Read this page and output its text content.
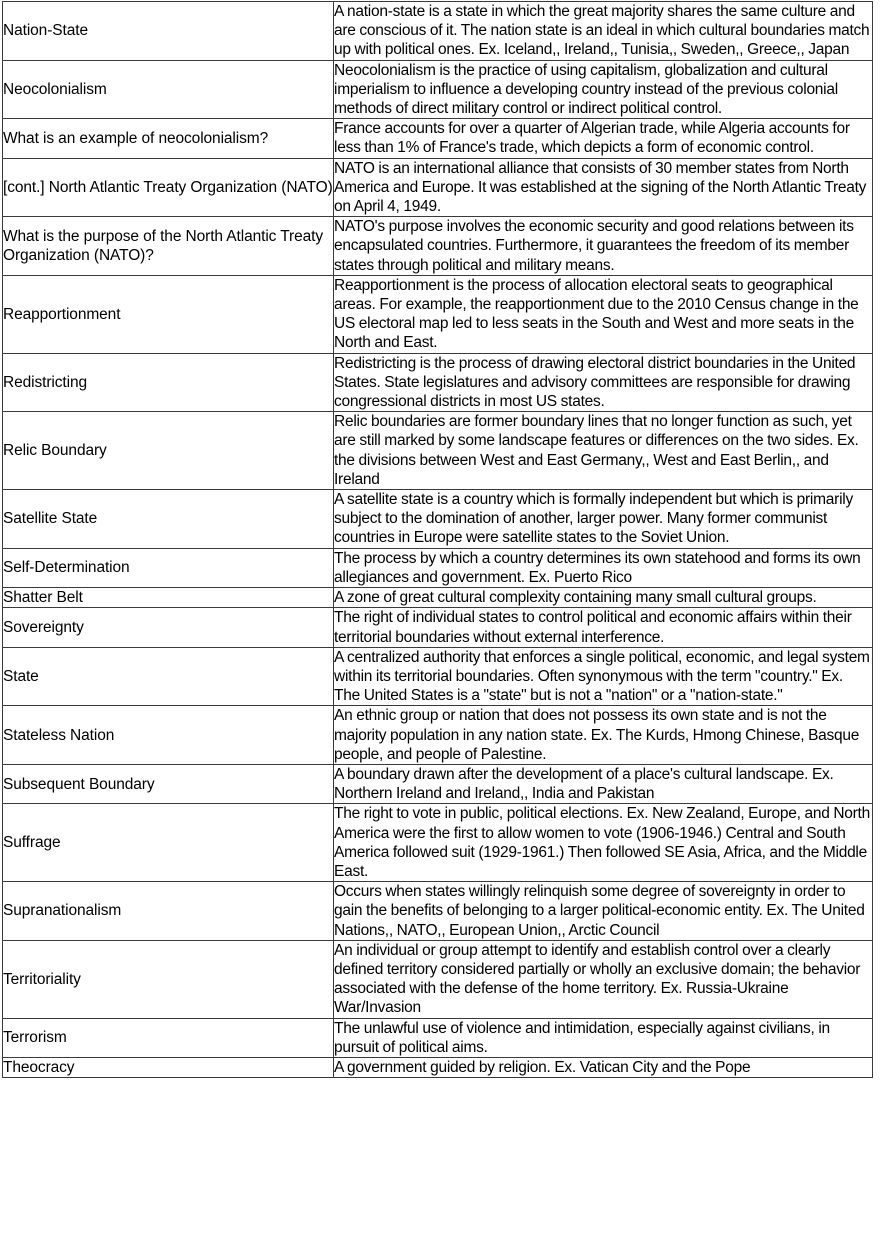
Nation-State	A nation-state is a state in which the great majority shares the same culture and are conscious of it. The nation state is an ideal in which cultural boundaries match up with political ones. Ex. Iceland,, Ireland,, Tunisia,, Sweden,, Greece,, Japan

Neocolonialism	Neocolonialism is the practice of using capitalism, globalization and cultural imperialism to influence a developing country instead of the previous colonial methods of direct military control or indirect political control.

What is an example of neocolonialism?	France accounts for over a quarter of Algerian trade, while Algeria accounts for less than 1% of France's trade, which depicts a form of economic control.

[cont.] North Atlantic Treaty Organization (NATO)	NATO is an international alliance that consists of 30 member states from North America and Europe. It was established at the signing of the North Atlantic Treaty on April 4, 1949.

What is the purpose of the North Atlantic Treaty Organization (NATO)?	NATO's purpose involves the economic security and good relations between its encapsulated countries. Furthermore, it guarantees the freedom of its member states through political and military means.

Reapportionment	Reapportionment is the process of allocation electoral seats to geographical areas. For example, the reapportionment due to the 2010 Census change in the US electoral map led to less seats in the South and West and more seats in the North and East.

Redistricting	Redistricting is the process of drawing electoral district boundaries in the United States. State legislatures and advisory committees are responsible for drawing congressional districts in most US states.

Relic Boundary	Relic boundaries are former boundary lines that no longer function as such, yet are still marked by some landscape features or differences on the two sides. Ex. the divisions between West and East Germany,, West and East Berlin,, and Ireland

Satellite State	A satellite state is a country which is formally independent but which is primarily subject to the domination of another, larger power. Many former communist countries in Europe were satellite states to the Soviet Union.

Self-Determination	The process by which a country determines its own statehood and forms its own allegiances and government. Ex. Puerto Rico

Shatter Belt	A zone of great cultural complexity containing many small cultural groups.

Sovereignty	The right of individual states to control political and economic affairs within their territorial boundaries without external interference.

State	A centralized authority that enforces a single political, economic, and legal system within its territorial boundaries. Often synonymous with the term "country." Ex. The United States is a "state" but is not a "nation" or a "nation-state."

Stateless Nation	An ethnic group or nation that does not possess its own state and is not the majority population in any nation state. Ex. The Kurds, Hmong Chinese, Basque people, and people of Palestine.

Subsequent Boundary	A boundary drawn after the development of a place's cultural landscape. Ex. Northern Ireland and Ireland,, India and Pakistan

Suffrage	The right to vote in public, political elections. Ex. New Zealand, Europe, and North America were the first to allow women to vote (1906-1946.) Central and South America followed suit (1929-1961.) Then followed SE Asia, Africa, and the Middle East.

Supranationalism	Occurs when states willingly relinquish some degree of sovereignty in order to gain the benefits of belonging to a larger political-economic entity. Ex. The United Nations,, NATO,, European Union,, Arctic Council

Territoriality	An individual or group attempt to identify and establish control over a clearly defined territory considered partially or wholly an exclusive domain; the behavior associated with the defense of the home territory. Ex. Russia-Ukraine War/Invasion

Terrorism	The unlawful use of violence and intimidation, especially against civilians, in pursuit of political aims.

Theocracy	A government guided by religion. Ex. Vatican City and the Pope
